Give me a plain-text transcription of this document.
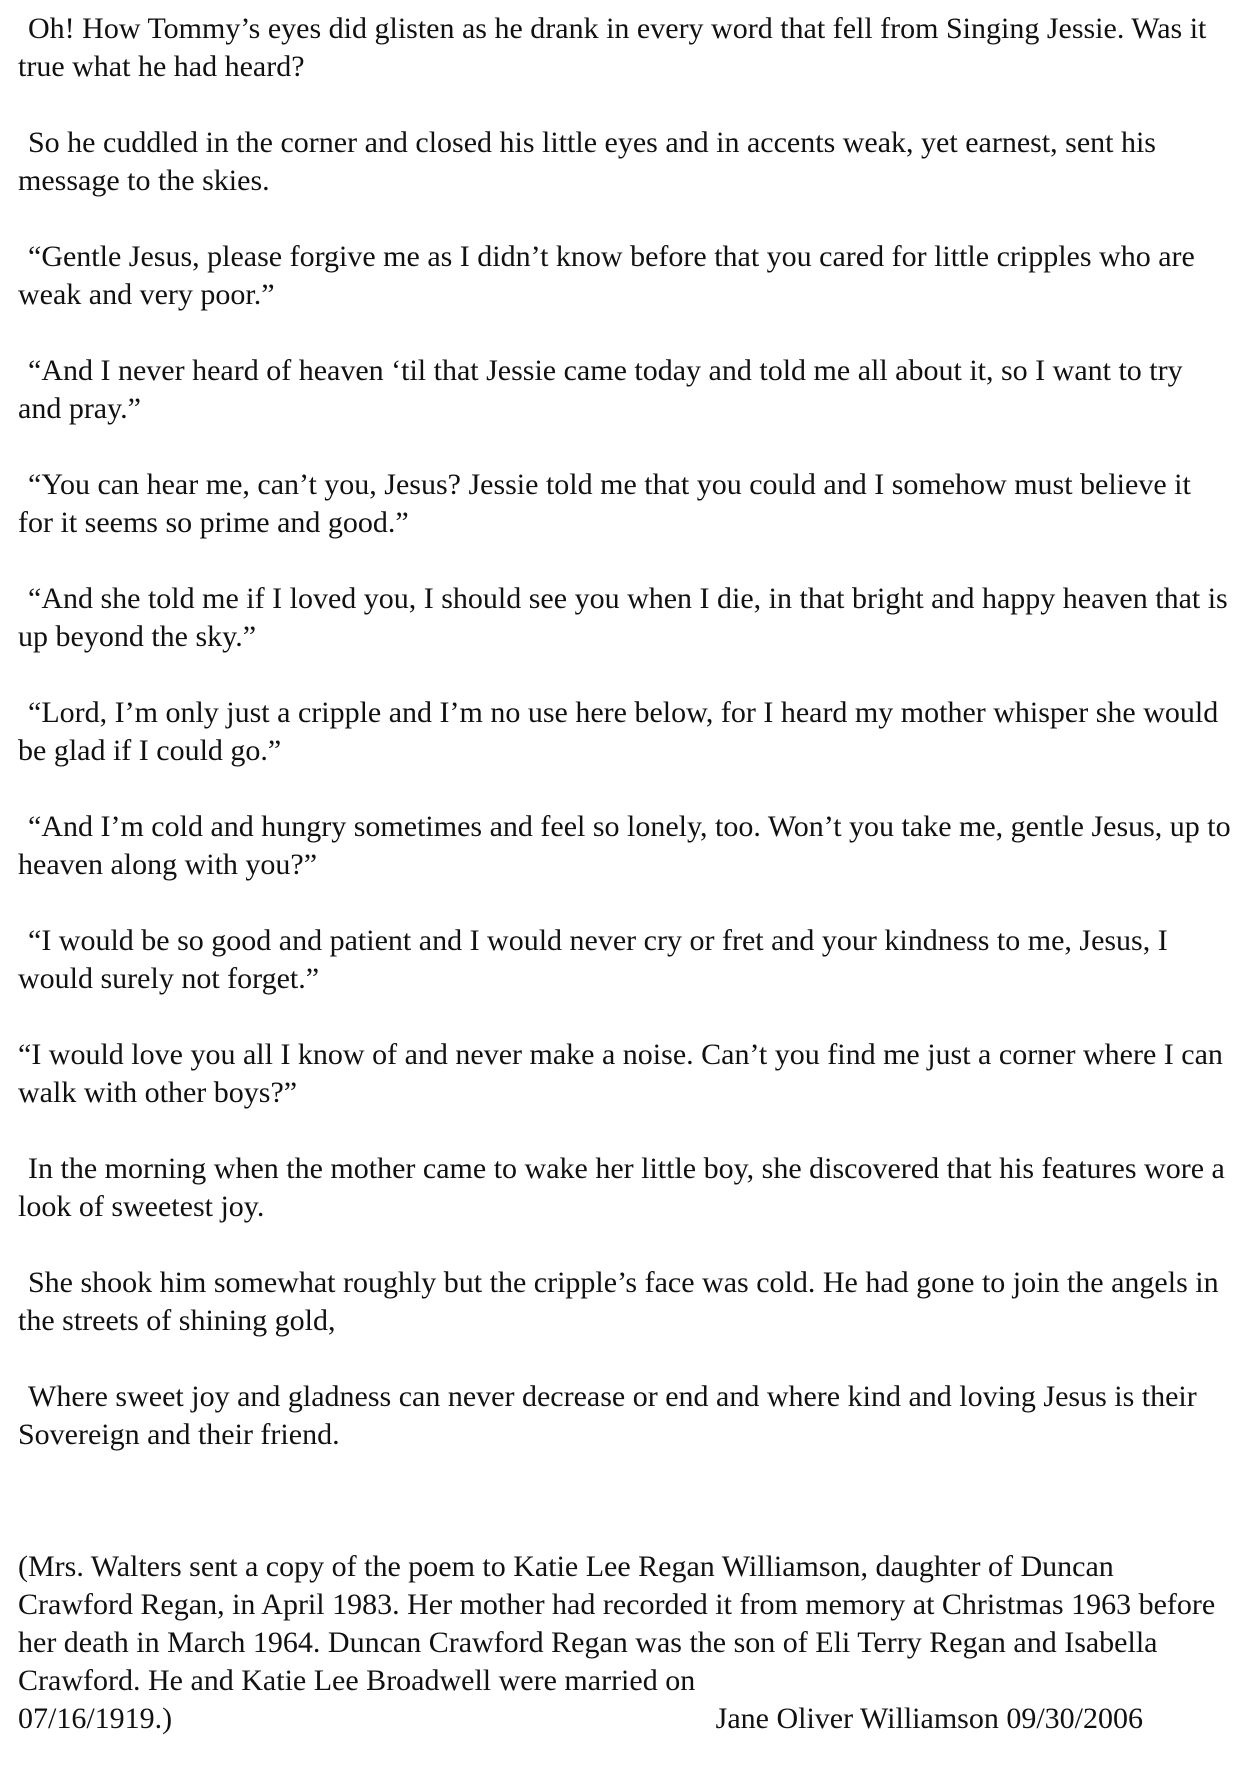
Oh! How Tommy’s eyes did glisten as he drank in every word that fell from Singing Jessie. Was it true what he had heard?

So he cuddled in the corner and closed his little eyes and in accents weak, yet earnest, sent his message to the skies.

“Gentle Jesus, please forgive me as I didn’t know before that you cared for little cripples who are weak and very poor.”

“And I never heard of heaven ‘til that Jessie came today and told me all about it, so I want to try and pray.”

“You can hear me, can’t you, Jesus? Jessie told me that you could and I somehow must believe it for it seems so prime and good.”

“And she told me if I loved you, I should see you when I die, in that bright and happy heaven that is up beyond the sky.”

“Lord, I’m only just a cripple and I’m no use here below, for I heard my mother whisper she would be glad if I could go.”

“And I’m cold and hungry sometimes and feel so lonely, too. Won’t you take me, gentle Jesus, up to heaven along with you?”

“I would be so good and patient and I would never cry or fret and your kindness to me, Jesus, I would surely not forget.”

“I would love you all I know of and never make a noise. Can’t you find me just a corner where I can walk with other boys?”

In the morning when the mother came to wake her little boy, she discovered that his features wore a look of sweetest joy.

She shook him somewhat roughly but the cripple’s face was cold. He had gone to join the angels in the streets of shining gold,

Where sweet joy and gladness can never decrease or end and where kind and loving Jesus is their Sovereign and their friend.

(Mrs. Walters sent a copy of the poem to Katie Lee Regan Williamson, daughter of Duncan Crawford Regan, in April 1983. Her mother had recorded it from memory at Christmas 1963 before her death in March 1964. Duncan Crawford Regan was the son of Eli Terry Regan and Isabella Crawford. He and Katie Lee Broadwell were married on

07/16/1919.)	Jane Oliver Williamson 09/30/2006
